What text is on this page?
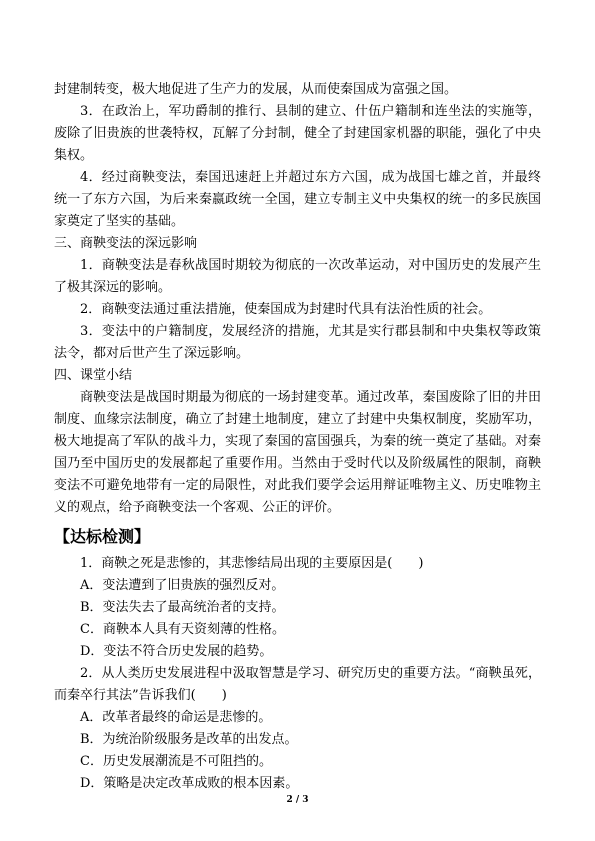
封建制转变，极大地促进了生产力的发展，从而使秦国成为富强之国。

3．在政治上，军功爵制的推行、县制的建立、什伍户籍制和连坐法的实施等，废除了旧贵族的世袭特权，瓦解了分封制，健全了封建国家机器的职能，强化了中央集权。

4．经过商鞅变法，秦国迅速赶上并超过东方六国，成为战国七雄之首，并最终统一了东方六国，为后来秦嬴政统一全国，建立专制主义中央集权的统一的多民族国家奠定了坚实的基础。

三、商鞅变法的深远影响

1．商鞅变法是春秋战国时期较为彻底的一次改革运动，对中国历史的发展产生了极其深远的影响。

2．商鞅变法通过重法措施，使秦国成为封建时代具有法治性质的社会。

3．变法中的户籍制度，发展经济的措施，尤其是实行郡县制和中央集权等政策法令，都对后世产生了深远影响。

四、课堂小结

商鞅变法是战国时期最为彻底的一场封建变革。通过改革，秦国废除了旧的井田制度、血缘宗法制度，确立了封建土地制度，建立了封建中央集权制度，奖励军功，极大地提高了军队的战斗力，实现了秦国的富国强兵，为秦的统一奠定了基础。对秦国乃至中国历史的发展都起了重要作用。当然由于受时代以及阶级属性的限制，商鞅变法不可避免地带有一定的局限性，对此我们要学会运用辩证唯物主义、历史唯物主义的观点，给予商鞅变法一个客观、公正的评价。

【达标检测】

1．商鞅之死是悲惨的，其悲惨结局出现的主要原因是(　　)

A．变法遭到了旧贵族的强烈反对。

B．变法失去了最高统治者的支持。

C．商鞅本人具有天资刻薄的性格。

D．变法不符合历史发展的趋势。

2．从人类历史发展进程中汲取智慧是学习、研究历史的重要方法。“商鞅虽死，而秦卒行其法”告诉我们(　　)

A．改革者最终的命运是悲惨的。

B．为统治阶级服务是改革的出发点。

C．历史发展潮流是不可阻挡的。

D．策略是决定改革成败的根本因素。

2 / 3
